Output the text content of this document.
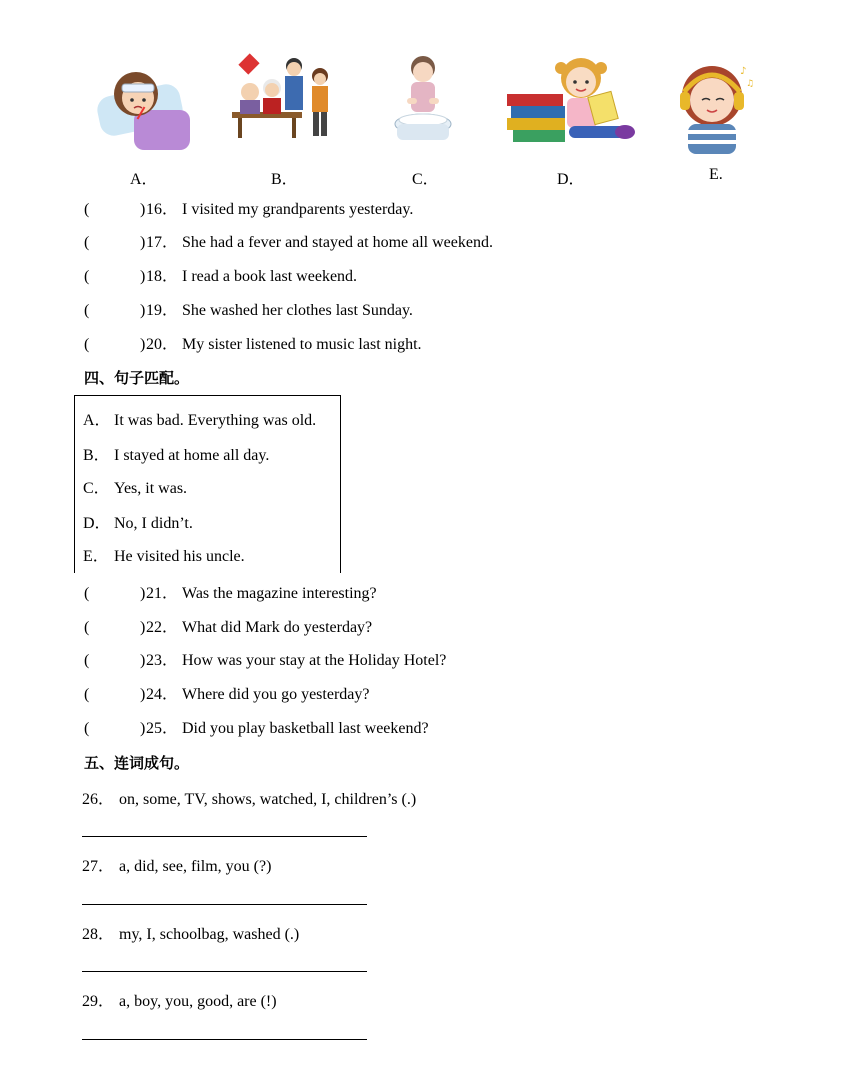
♪
♫
A．	B．	C．	D．	E.
(	) 16． I visited my grandparents yesterday.
(	) 17． She had a fever and stayed at home all weekend.
(	) 18． I read a book last weekend.
(	) 19． She washed her clothes last Sunday.
(	) 20． My sister listened to music last night.
四、句子匹配。
A． It was bad. Everything was old.
B． I stayed at home all day.
C． Yes, it was.
D． No, I didn’t.
E． He visited his uncle.
(	) 21． Was the magazine interesting?
(	) 22． What did Mark do yesterday?
(	) 23． How was your stay at the Holiday Hotel?
(	) 24． Where did you go yesterday?
(	) 25． Did you play basketball last weekend?
五、连词成句。
26． on, some, TV, shows, watched, I, children’s (.)
27． a, did, see, film, you (?)
28． my, I, schoolbag, washed (.)
29． a, boy, you, good, are (!)
